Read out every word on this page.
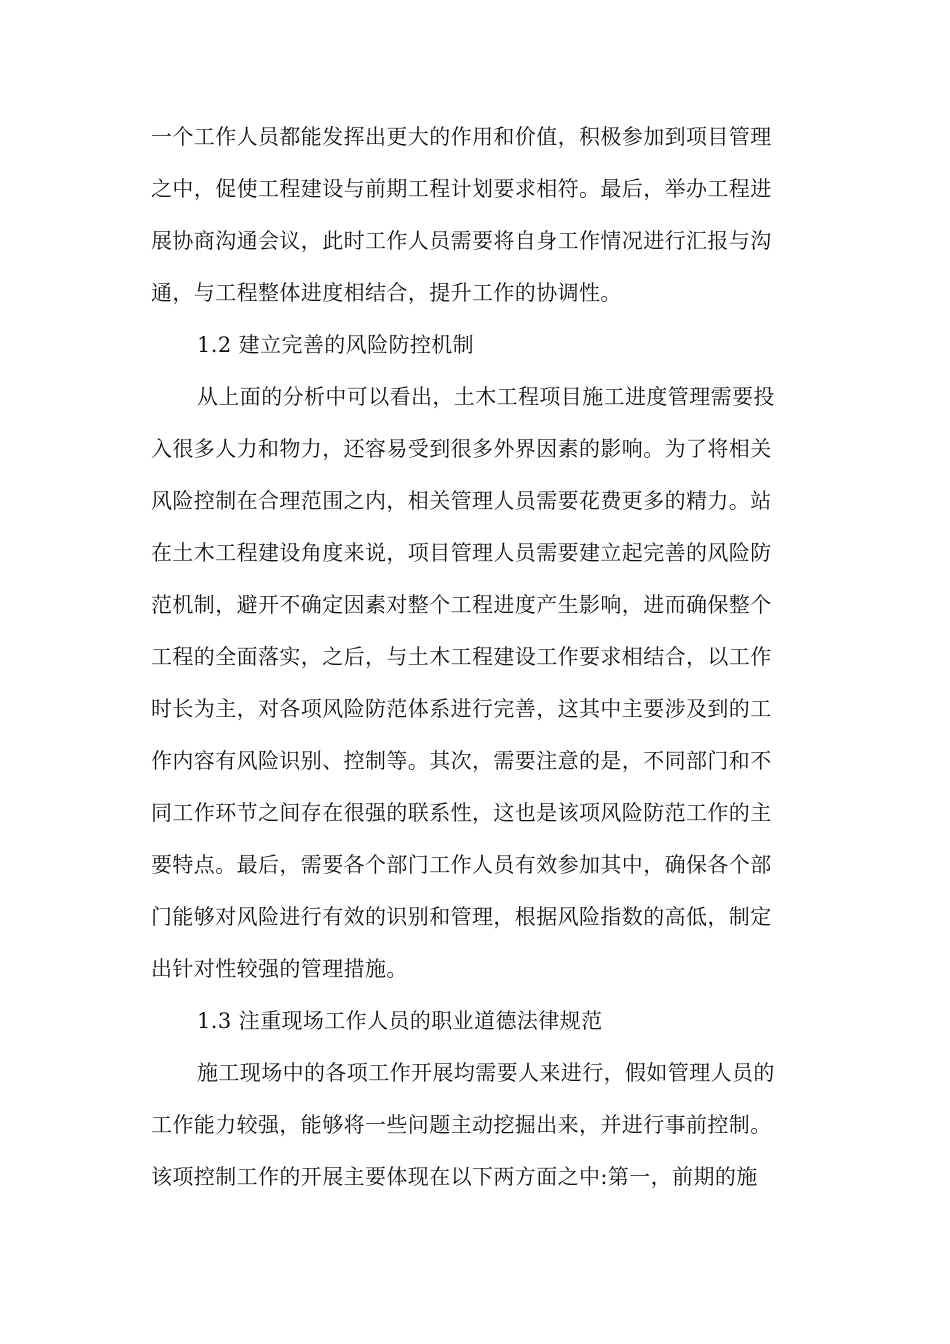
一个工作人员都能发挥出更大的作用和价值，积极参加到项目管理
之中，促使工程建设与前期工程计划要求相符。最后，举办工程进
展协商沟通会议，此时工作人员需要将自身工作情况进行汇报与沟
通，与工程整体进度相结合，提升工作的协调性。
1.2 建立完善的风险防控机制
从上面的分析中可以看出，土木工程项目施工进度管理需要投
入很多人力和物力，还容易受到很多外界因素的影响。为了将相关
风险控制在合理范围之内，相关管理人员需要花费更多的精力。站
在土木工程建设角度来说，项目管理人员需要建立起完善的风险防
范机制，避开不确定因素对整个工程进度产生影响，进而确保整个
工程的全面落实，之后，与土木工程建设工作要求相结合，以工作
时长为主，对各项风险防范体系进行完善，这其中主要涉及到的工
作内容有风险识别、控制等。其次，需要注意的是，不同部门和不
同工作环节之间存在很强的联系性，这也是该项风险防范工作的主
要特点。最后，需要各个部门工作人员有效参加其中，确保各个部
门能够对风险进行有效的识别和管理，根据风险指数的高低，制定
出针对性较强的管理措施。
1.3 注重现场工作人员的职业道德法律规范
施工现场中的各项工作开展均需要人来进行，假如管理人员的
工作能力较强，能够将一些问题主动挖掘出来，并进行事前控制。
该项控制工作的开展主要体现在以下两方面之中:第一，前期的施
